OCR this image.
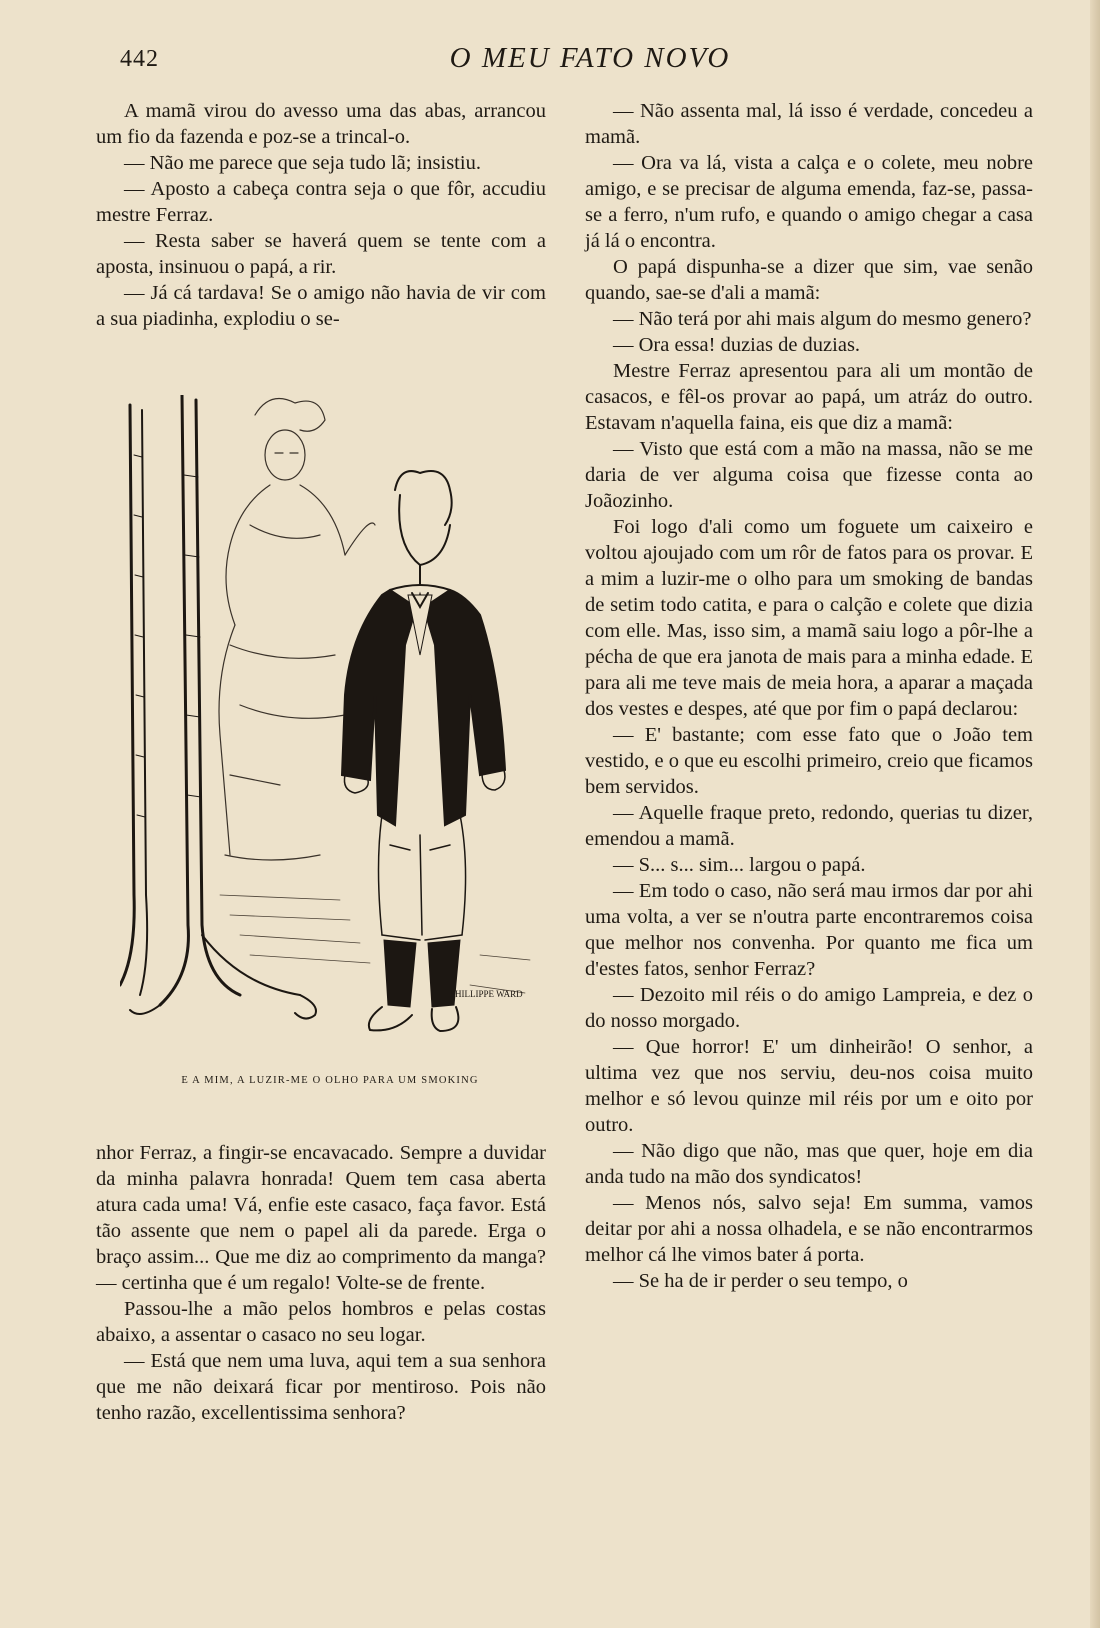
442	O MEU FATO NOVO

A mamã virou do avesso uma das abas, arrancou um fio da fazenda e poz-se a trincal-o.

— Não me parece que seja tudo lã; insistiu.

— Aposto a cabeça contra seja o que fôr, accudiu mestre Ferraz.

— Resta saber se haverá quem se tente com a aposta, insinuou o papá, a rir.

— Já cá tardava! Se o amigo não havia de vir com a sua piadinha, explodiu o se-

nhor Ferraz, a fingir-se encavacado. Sempre a duvidar da minha palavra honrada! Quem tem casa aberta atura cada uma! Vá, enfie este casaco, faça favor. Está tão assente que nem o papel ali da parede. Erga o braço assim... Que me diz ao comprimento da manga? — certinha que é um regalo! Volte-se de frente.

Passou-lhe a mão pelos hombros e pelas costas abaixo, a assentar o casaco no seu logar.

— Está que nem uma luva, aqui tem a sua senhora que me não deixará ficar por mentiroso. Pois não tenho razão, excellentissima senhora?

PHILLIPPE WARD
E A MIM, A LUZIR-ME O OLHO PARA UM SMOKING

— Não assenta mal, lá isso é verdade, concedeu a mamã.

— Ora va lá, vista a calça e o colete, meu nobre amigo, e se precisar de alguma emenda, faz-se, passa-se a ferro, n'um rufo, e quando o amigo chegar a casa já lá o encontra.

O papá dispunha-se a dizer que sim, vae senão quando, sae-se d'ali a mamã:

— Não terá por ahi mais algum do mesmo genero?

— Ora essa! duzias de duzias.

Mestre Ferraz apresentou para ali um montão de casacos, e fêl-os provar ao papá, um atráz do outro. Estavam n'aquella faina, eis que diz a mamã:

— Visto que está com a mão na massa, não se me daria de ver alguma coisa que fizesse conta ao Joãozinho.

Foi logo d'ali como um foguete um caixeiro e voltou ajoujado com um rôr de fatos para os provar. E a mim a luzir-me o olho para um smoking de bandas de setim todo catita, e para o calção e colete que dizia com elle. Mas, isso sim, a mamã saiu logo a pôr-lhe a pécha de que era janota de mais para a minha edade. E para ali me teve mais de meia hora, a aparar a maçada dos vestes e despes, até que por fim o papá declarou:

— E' bastante; com esse fato que o João tem vestido, e o que eu escolhi primeiro, creio que ficamos bem servidos.

— Aquelle fraque preto, redondo, querias tu dizer, emendou a mamã.

— S... s... sim... largou o papá.

— Em todo o caso, não será mau irmos dar por ahi uma volta, a ver se n'outra parte encontraremos coisa que melhor nos convenha. Por quanto me fica um d'estes fatos, senhor Ferraz?

— Dezoito mil réis o do amigo Lampreia, e dez o do nosso morgado.

— Que horror! E' um dinheirão! O senhor, a ultima vez que nos serviu, deu-nos coisa muito melhor e só levou quinze mil réis por um e oito por outro.

— Não digo que não, mas que quer, hoje em dia anda tudo na mão dos syndicatos!

— Menos nós, salvo seja! Em summa, vamos deitar por ahi a nossa olhadela, e se não encontrarmos melhor cá lhe vimos bater á porta.

— Se ha de ir perder o seu tempo, o
